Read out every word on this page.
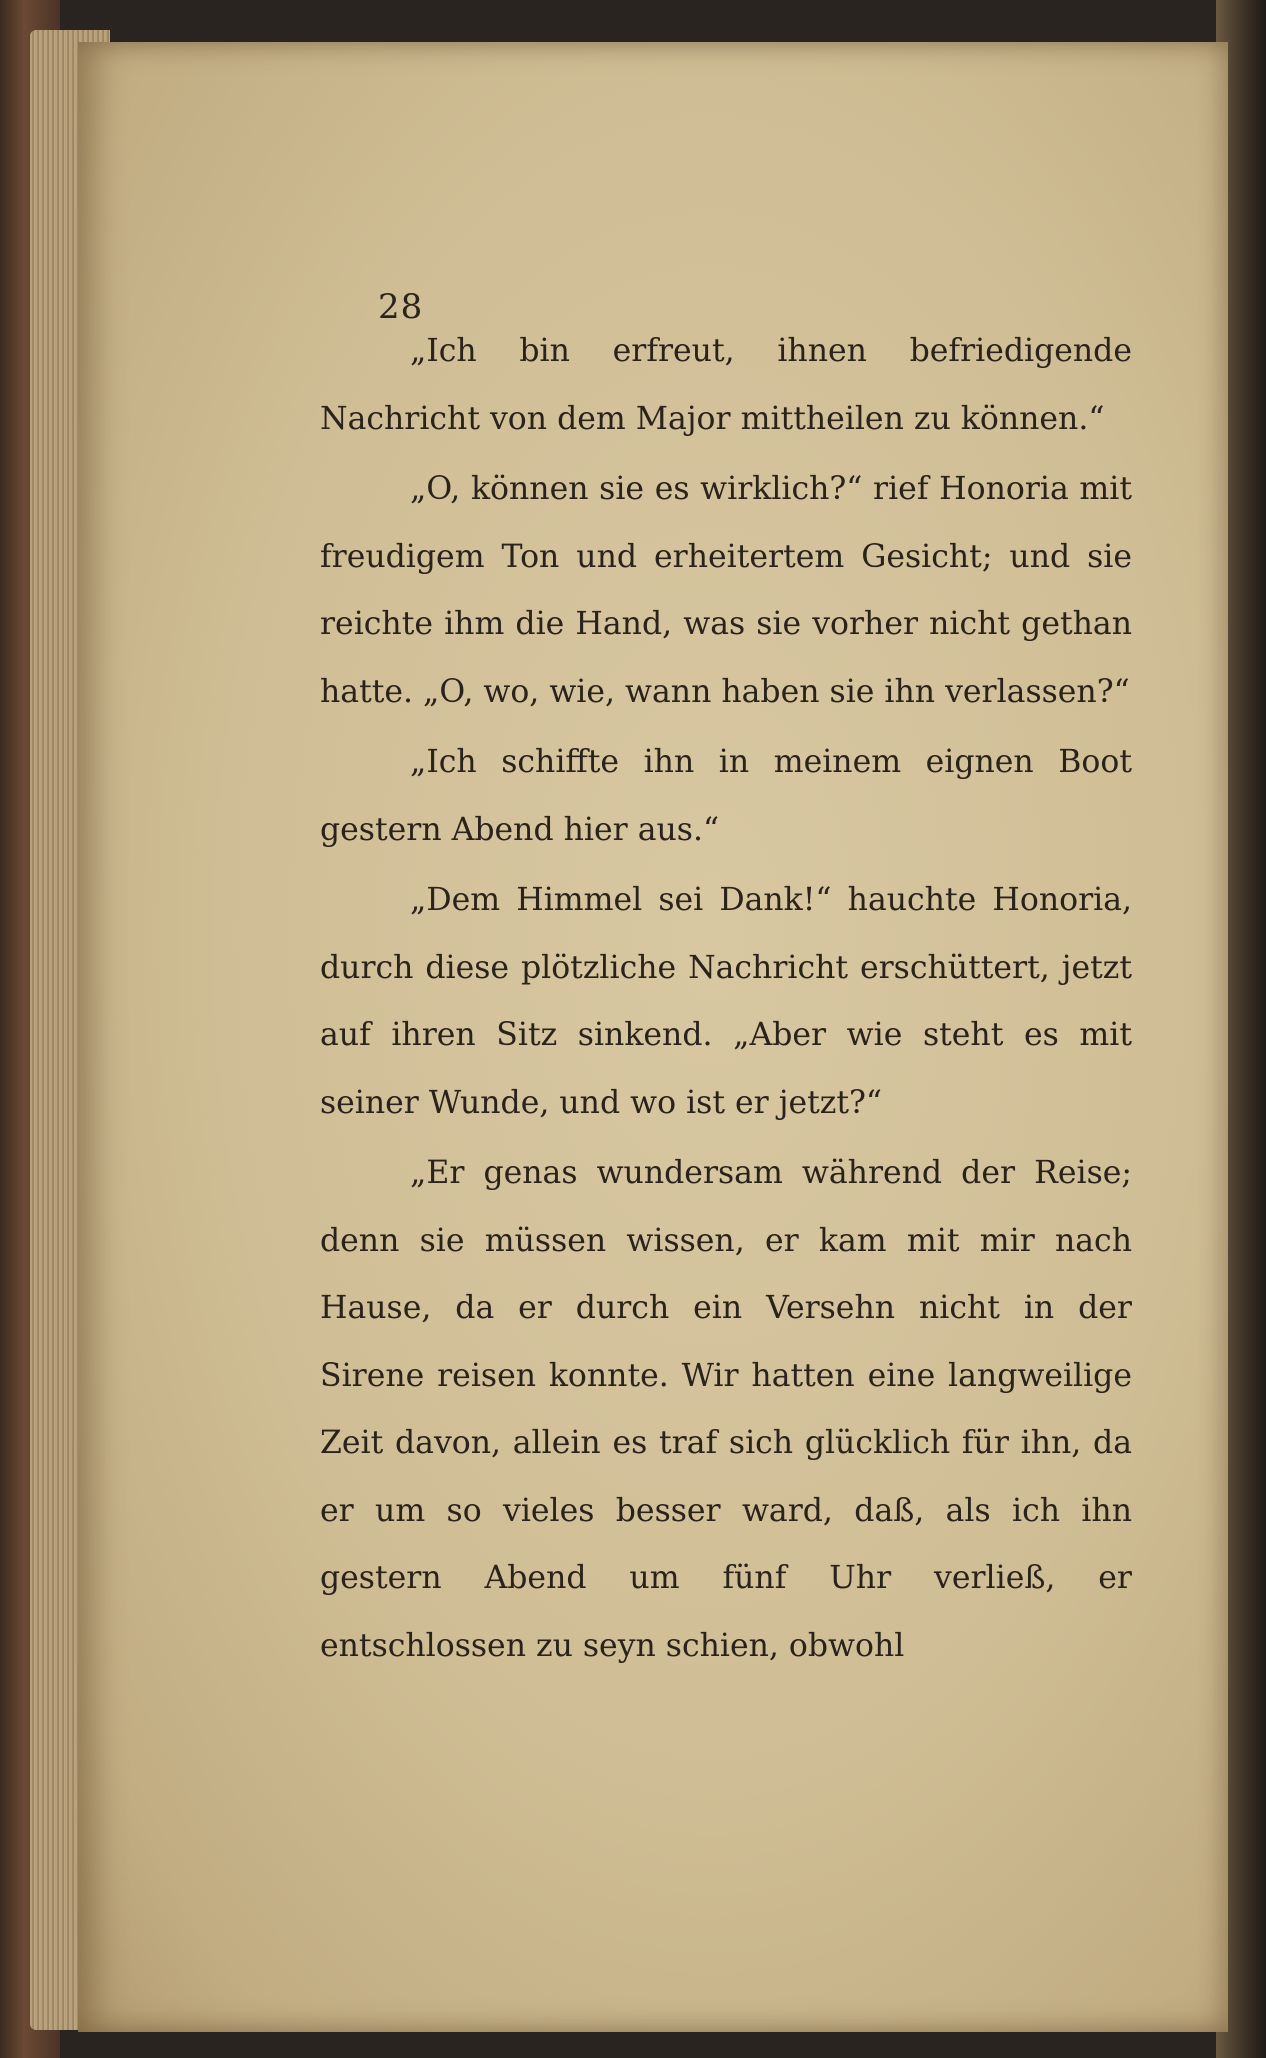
28

„Ich bin erfreut, ihnen befriedigende Nachricht von dem Major mittheilen zu können.“

„O, können sie es wirklich?“ rief Honoria mit freudigem Ton und erheitertem Gesicht; und sie reichte ihm die Hand, was sie vorher nicht gethan hatte. „O, wo, wie, wann haben sie ihn verlassen?“

„Ich schiffte ihn in meinem eignen Boot gestern Abend hier aus.“

„Dem Himmel sei Dank!“ hauchte Honoria, durch diese plötzliche Nachricht erschüttert, jetzt auf ihren Sitz sinkend. „Aber wie steht es mit seiner Wunde, und wo ist er jetzt?“

„Er genas wundersam während der Reise; denn sie müssen wissen, er kam mit mir nach Hause, da er durch ein Versehn nicht in der Sirene reisen konnte. Wir hatten eine langweilige Zeit davon, allein es traf sich glücklich für ihn, da er um so vieles besser ward, daß, als ich ihn gestern Abend um fünf Uhr verließ, er entschlossen zu seyn schien, obwohl
